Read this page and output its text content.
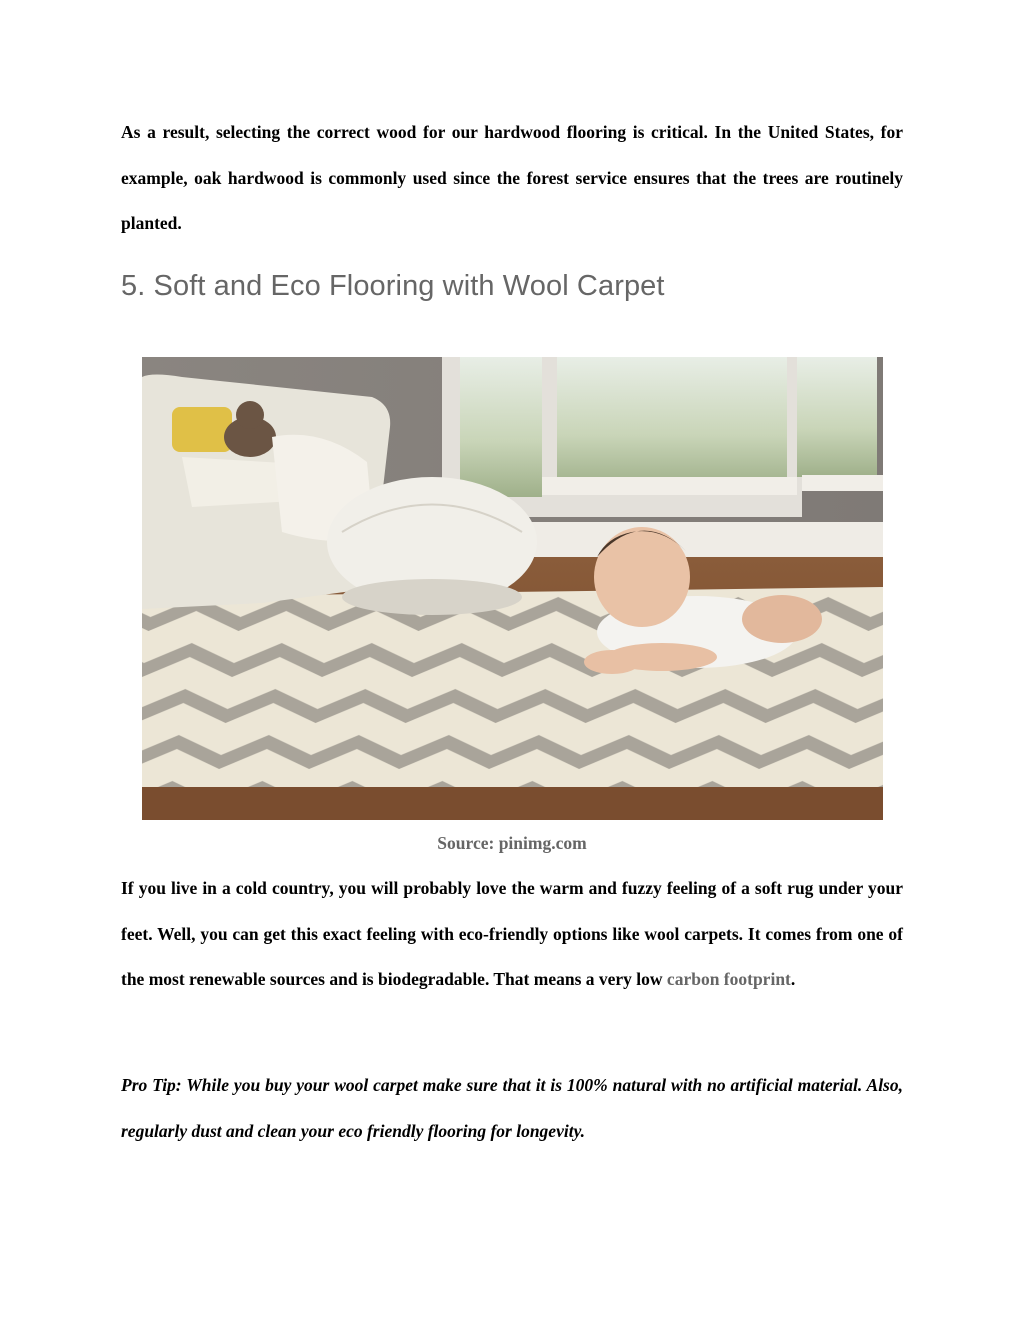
As a result, selecting the correct wood for our hardwood flooring is critical. In the United States, for example, oak hardwood is commonly used since the forest service ensures that the trees are routinely planted.

5. Soft and Eco Flooring with Wool Carpet

Source: pinimg.com

If you live in a cold country, you will probably love the warm and fuzzy feeling of a soft rug under your feet. Well, you can get this exact feeling with eco-friendly options like wool carpets. It comes from one of the most renewable sources and is biodegradable. That means a very low carbon footprint.

Pro Tip: While you buy your wool carpet make sure that it is 100% natural with no artificial material. Also, regularly dust and clean your eco friendly flooring for longevity.
